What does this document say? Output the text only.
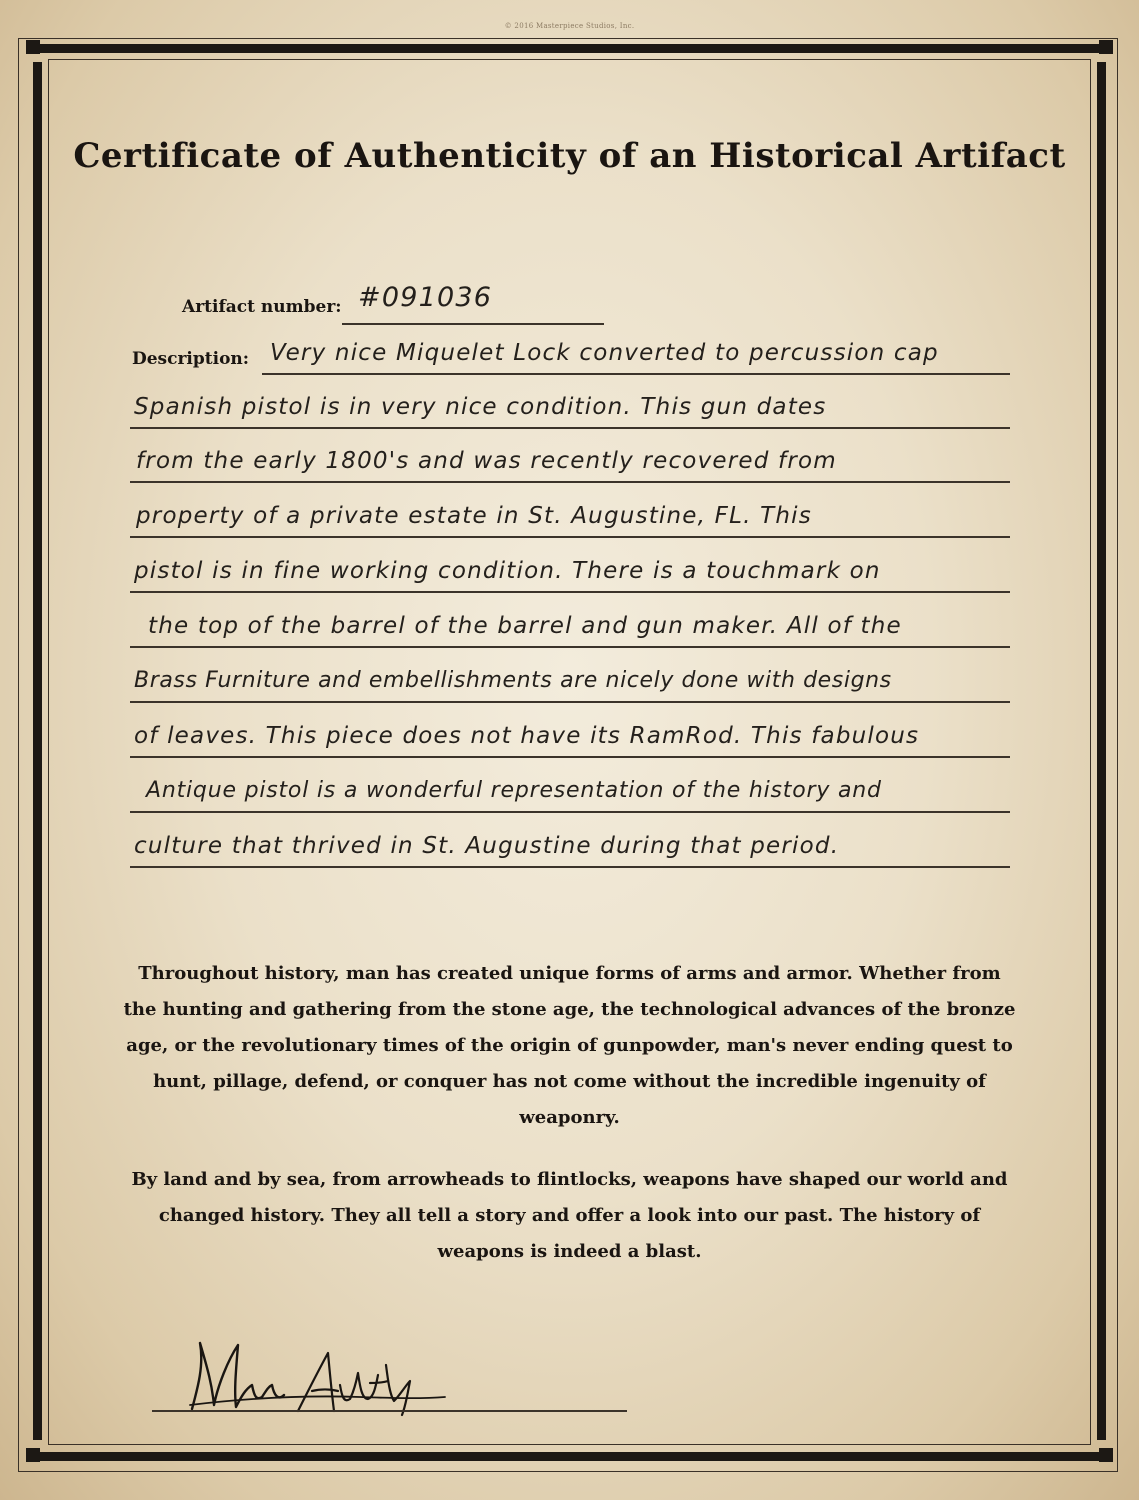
© 2016 Masterpiece Studios, Inc.
Certificate of Authenticity of an Historical Artifact
Artifact number: #091036
Description: Very nice Miquelet Lock converted to percussion cap
Spanish pistol is in very nice condition. This gun dates
from the early 1800's and was recently recovered from
property of a private estate in St. Augustine, FL. This
pistol is in fine working condition. There is a touchmark on
the top of the barrel of the barrel and gun maker. All of the
Brass Furniture and embellishments are nicely done with designs
of leaves. This piece does not have its RamRod. This fabulous
Antique pistol is a wonderful representation of the history and
culture that thrived in St. Augustine during that period.
Throughout history, man has created unique forms of arms and armor. Whether from the hunting and gathering from the stone age, the technological advances of the bronze age, or the revolutionary times of the origin of gunpowder, man's never ending quest to hunt, pillage, defend, or conquer has not come without the incredible ingenuity of weaponry.
By land and by sea, from arrowheads to flintlocks, weapons have shaped our world and changed history. They all tell a story and offer a look into our past. The history of weapons is indeed a blast.
